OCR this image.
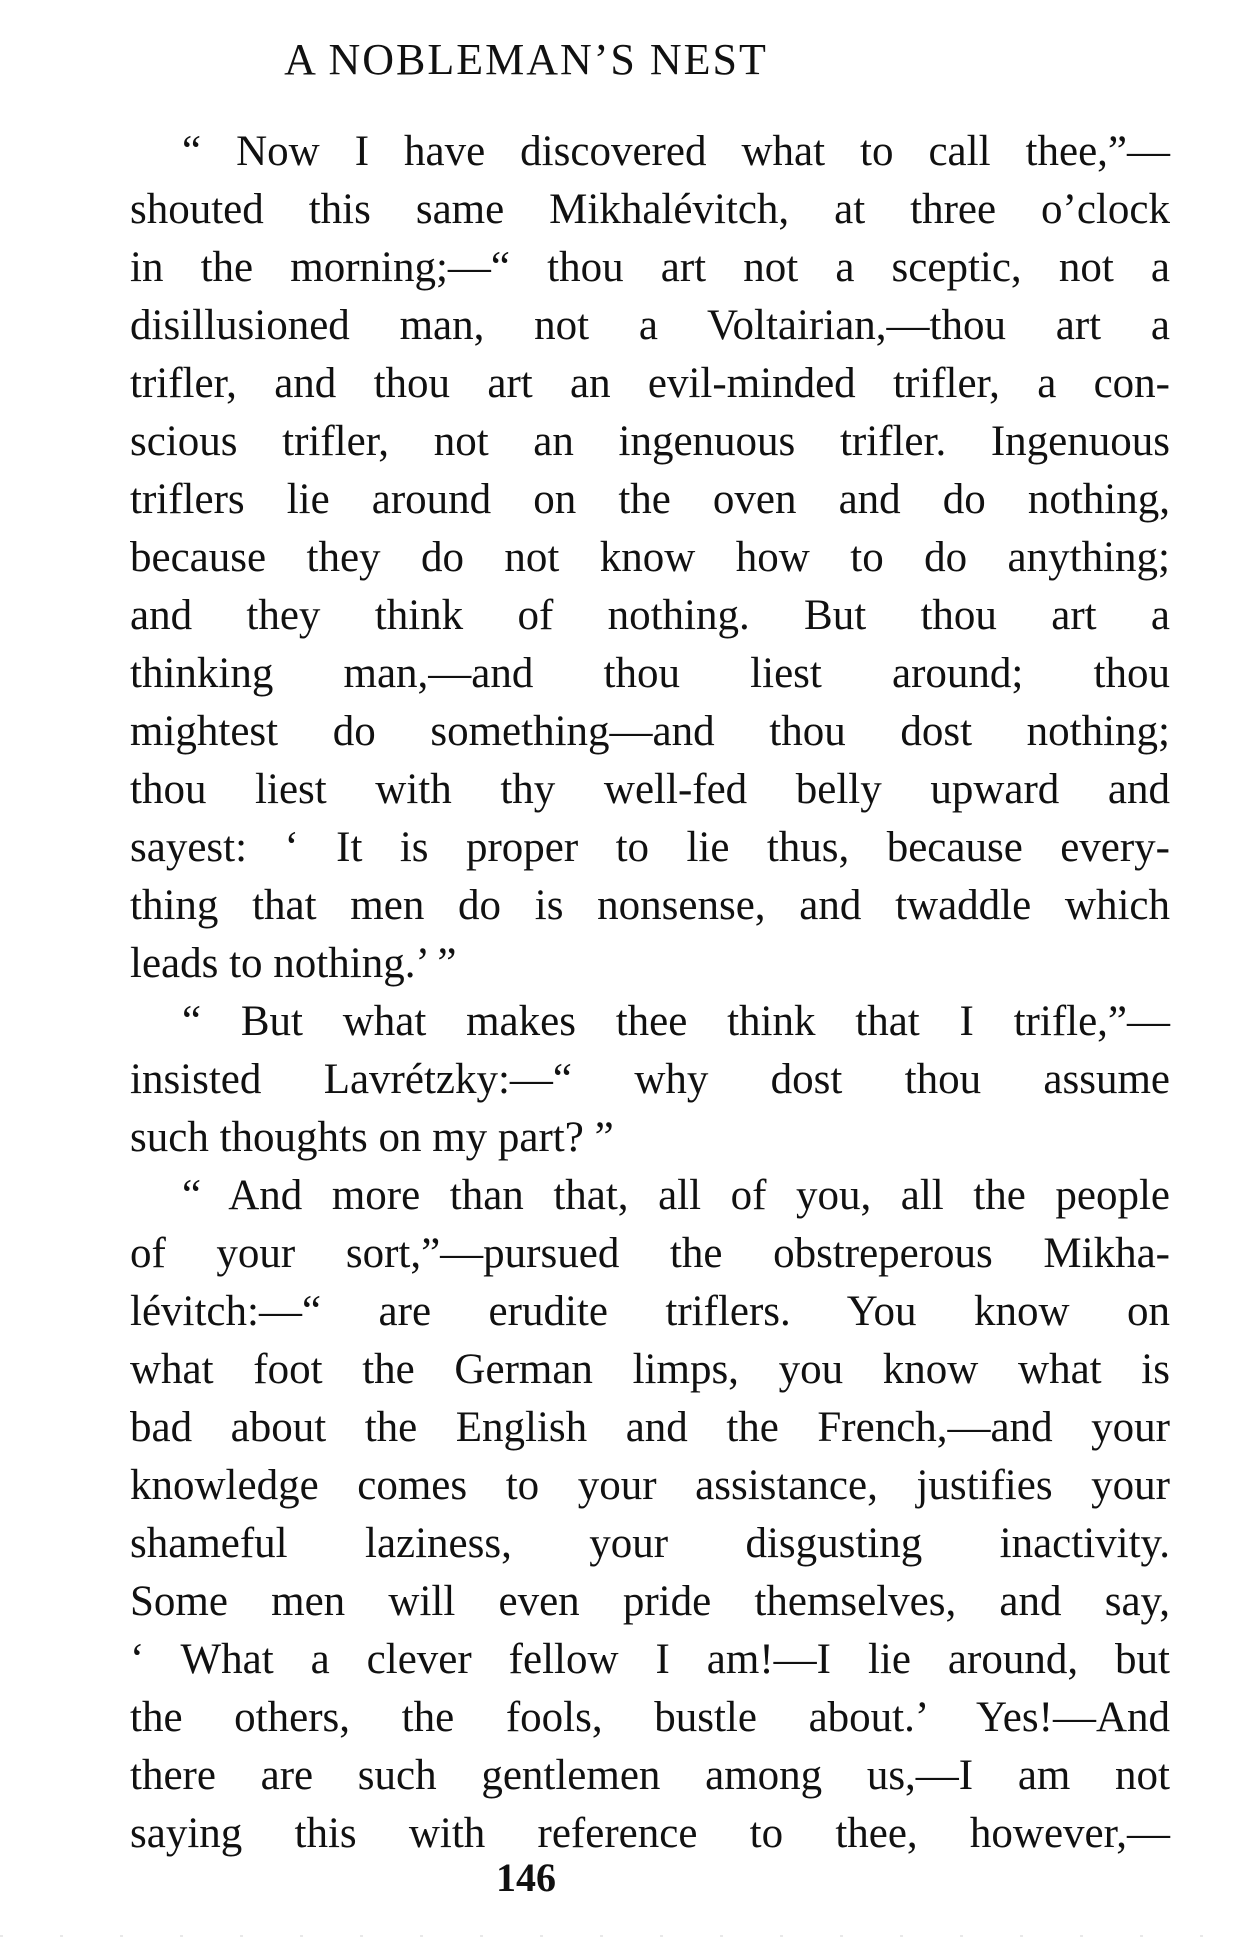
A NOBLEMAN’S NEST
“ Now I have discovered what to call thee,”—
shouted this same Mikhalévitch, at three o’clock
in the morning;—“ thou art not a sceptic, not a
disillusioned man, not a Voltairian,—thou art a
trifler, and thou art an evil-minded trifler, a con-
scious trifler, not an ingenuous trifler. Ingenuous
triflers lie around on the oven and do nothing,
because they do not know how to do anything;
and they think of nothing. But thou art a
thinking man,—and thou liest around; thou
mightest do something—and thou dost nothing;
thou liest with thy well-fed belly upward and
sayest: ‘ It is proper to lie thus, because every-
thing that men do is nonsense, and twaddle which
leads to nothing.’ ”
“ But what makes thee think that I trifle,”—
insisted Lavrétzky:—“ why dost thou assume
such thoughts on my part? ”
“ And more than that, all of you, all the people
of your sort,”—pursued the obstreperous Mikha-
lévitch:—“ are erudite triflers. You know on
what foot the German limps, you know what is
bad about the English and the French,—and your
knowledge comes to your assistance, justifies your
shameful laziness, your disgusting inactivity.
Some men will even pride themselves, and say,
‘ What a clever fellow I am!—I lie around, but
the others, the fools, bustle about.’ Yes!—And
there are such gentlemen among us,—I am not
saying this with reference to thee, however,—
146
